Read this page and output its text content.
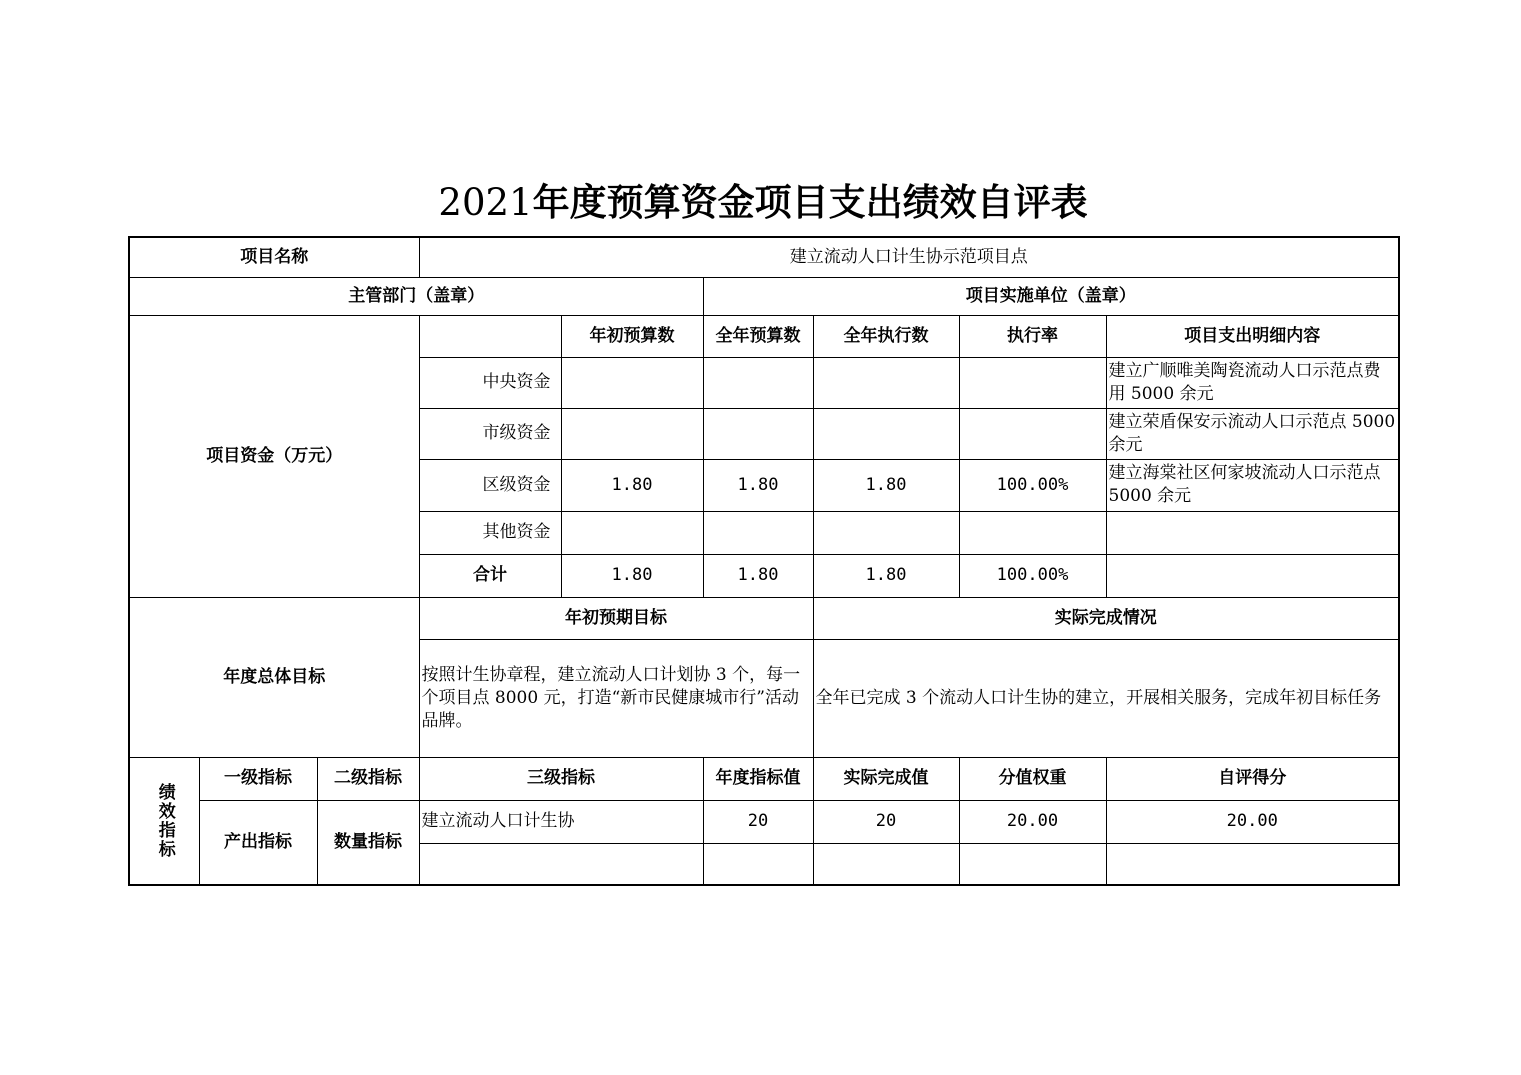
2021年度预算资金项目支出绩效自评表
项目名称			建立流动人口计生协示范项目点					
主管部门（盖章）					项目实施单位（盖章）			
项目资金（万元）				年初预算数	全年预算数	全年执行数	执行率	项目支出明细内容
			中央资金					建立广顺唯美陶瓷流动人口示范点费用 5000 余元
			市级资金					建立荣盾保安示流动人口示范点 5000 余元
			区级资金	1.80	1.80	1.80	100.00%	建立海棠社区何家坡流动人口示范点 5000 余元
			其他资金					
			合计	1.80	1.80	1.80	100.00%	
年度总体目标			年初预期目标			实际完成情况		
			按照计生协章程，建立流动人口计划协 3 个，每一个项目点 8000 元，打造“新市民健康城市行”活动品牌。			全年已完成 3 个流动人口计生协的建立，开展相关服务，完成年初目标任务		

绩效指标	一级指标	二级指标	三级指标		年度指标值	实际完成值	分值权重	自评得分
	产出指标	数量指标	建立流动人口计生协		20	20	20.00	20.00
